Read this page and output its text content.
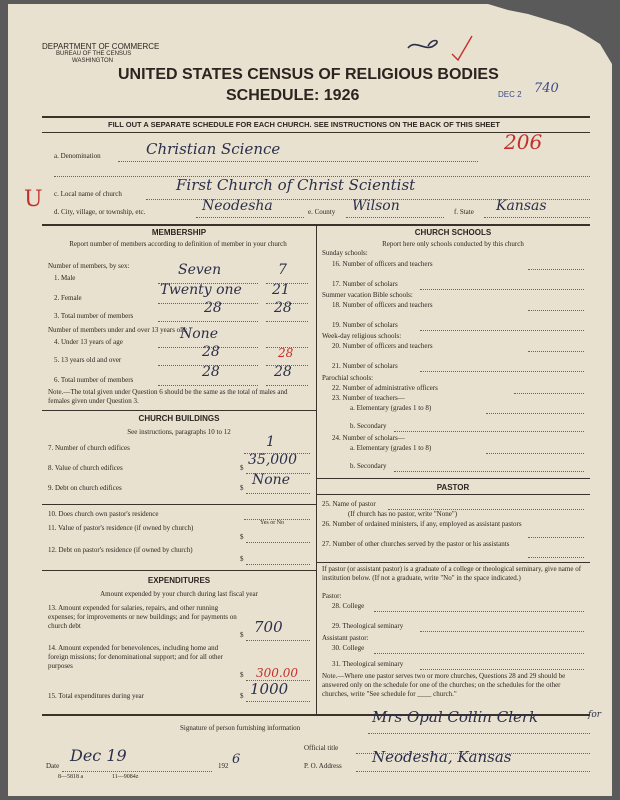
DEPARTMENT OF COMMERCE
BUREAU OF THE CENSUS
WASHINGTON
UNITED STATES CENSUS OF RELIGIOUS BODIES
SCHEDULE: 1926	DEC 2 740
FILL OUT A SEPARATE SCHEDULE FOR EACH CHURCH. SEE INSTRUCTIONS ON THE BACK OF THIS SHEET
a. Denomination	Christian Science	206
U c. Local name of church	First Church of Christ Scientist
d. City, village, or township, etc.	Neodesha	e. County Wilson	f. State Kansas
MEMBERSHIP
Report number of members according to definition of member in your church
Number of members, by sex:
1. Male	Seven	7
2. Female	Twenty one 21
3. Total number of members	28	28
Number of members under and over 13 years old:
4. Under 13 years of age	None
5. 13 years old and over	28	28
6. Total number of members	28	28
Note.—The total given under Question 6 should be the same as the total of males and females given under Question 3.
CHURCH BUILDINGS
See instructions, paragraphs 10 to 12
7. Number of church edifices	1
8. Value of church edifices	$ 35,000
9. Debt on church edifices	$ None
10. Does church own pastor's residence
Yes or No
11. Value of pastor's residence (if owned by church)
$
12. Debt on pastor's residence (if owned by church)
$
EXPENDITURES
Amount expended by your church during last fiscal year
13. Amount expended for salaries, repairs, and other running expenses; for improvements or new buildings; and for payments on church debt
$ 700
14. Amount expended for benevolences, including home and foreign missions; for denominational support; and for all other purposes
$ 300.00
15. Total expenditures during year	$ 1000
CHURCH SCHOOLS
Report here only schools conducted by this church
Sunday schools:
16. Number of officers and teachers
17. Number of scholars
Summer vacation Bible schools:
18. Number of officers and teachers
19. Number of scholars
Week-day religious schools:
20. Number of officers and teachers
21. Number of scholars
Parochial schools:
22. Number of administrative officers
23. Number of teachers—
a. Elementary (grades 1 to 8)
b. Secondary
24. Number of scholars—
a. Elementary (grades 1 to 8)
b. Secondary
PASTOR
25. Name of pastor
(If church has no pastor, write "None")
26. Number of ordained ministers, if any, employed as assistant pastors
27. Number of other churches served by the pastor or his assistants
If pastor (or assistant pastor) is a graduate of a college or theological seminary, give name of institution below. (If not a graduate, write "No" in the space indicated.)
Pastor:
28. College
29. Theological seminary
Assistant pastor:
30. College
31. Theological seminary
Note.—Where one pastor serves two or more churches, Questions 28 and 29 should be answered only on the schedule for one of the churches; on the schedules for the other churches, write "See schedule for ____ church."
Signature of person furnishing information
Mrs Opal Collin Clerk	for
Official title
Date
Dec 19
192 6	P. O. Address Neodesha, Kansas
8—5818 a	11—9084z
